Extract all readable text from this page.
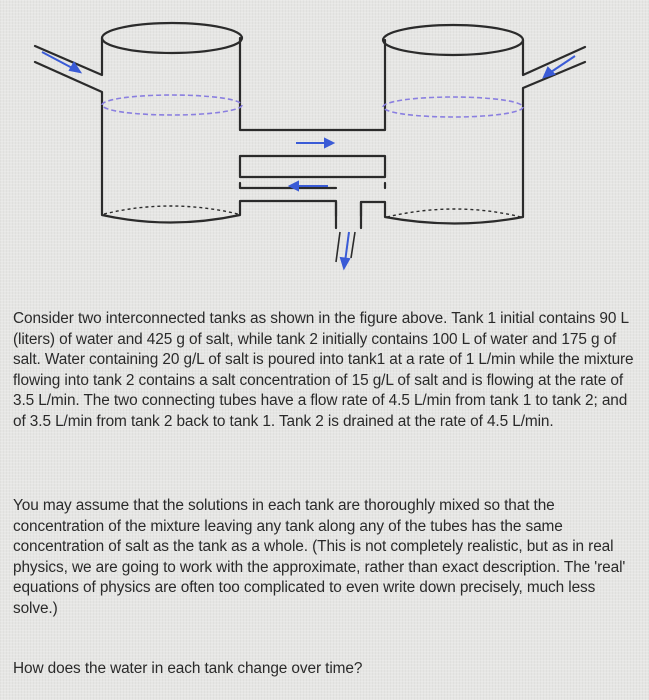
Consider two interconnected tanks as shown in the figure above. Tank 1 initial contains 90 L (liters) of water and 425 g of salt, while tank 2 initially contains 100 L of water and 175 g of salt. Water containing 20 g/L of salt is poured into tank1 at a rate of 1 L/min while the mixture flowing into tank 2 contains a salt concentration of 15 g/L of salt and is flowing at the rate of 3.5 L/min. The two connecting tubes have a flow rate of 4.5 L/min from tank 1 to tank 2; and of 3.5 L/min from tank 2 back to tank 1. Tank 2 is drained at the rate of 4.5 L/min.

You may assume that the solutions in each tank are thoroughly mixed so that the concentration of the mixture leaving any tank along any of the tubes has the same concentration of salt as the tank as a whole. (This is not completely realistic, but as in real physics, we are going to work with the approximate, rather than exact description. The 'real' equations of physics are often too complicated to even write down precisely, much less solve.)

How does the water in each tank change over time?
